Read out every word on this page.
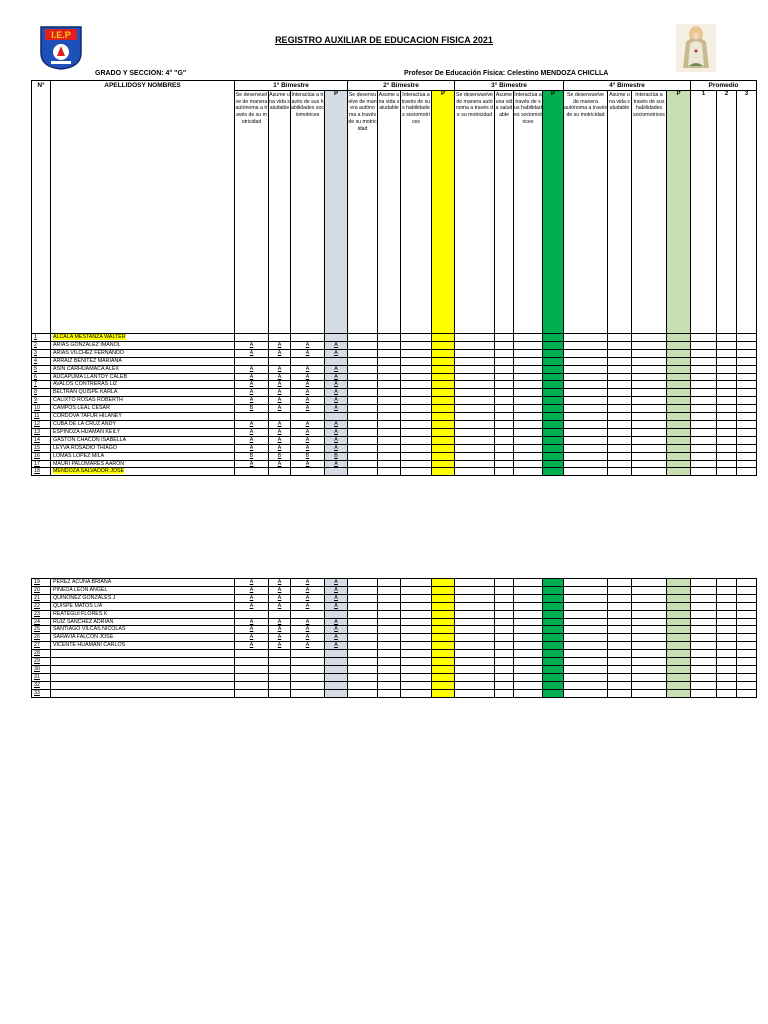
I.E.P	REGISTRO AUXILIAR DE EDUCACION FISICA 2021
GRADO Y SECCION: 4° "G"	Profesor De Educación Física: Celestino MENDOZA CHICLLA
N°	APELLIDOSY NOMBRES	1° Bimestre				2° Bimestre				3° Bimestre				4° Bimestre				Promedio		
		Se desenvuelve de manera autónoma a través de su motricidad	Asume una vida saludable	Interactúa a través de sus habilidades sociomotrices	P	Se desenvuelve de manera autónoma a través de su motricidad	Asume una vida saludable	Interactúa a través de sus habilidades sociomotrices	P	Se desenvuelve de manera autónoma a través de su motricidad	Asume una vida saludable	Interactúa a través de sus habilidades sociomotrices	P	Se desenvuelve de manera autónoma a través de su motricidad	Asume una vida saludable	Interactúa a través de sus habilidades sociomotrices	P	1	2	3
1	ALCALA MESTANZA WALTER																			
2	ARIAS GONZALEZ IMANOL	A	A	A	A															
3	ARIAS VILCHEZ FERNANDO	A	A	A	A															
4	ARRAIZ BENITEZ MARIANA																			
5	ASIN CARHUAMACA ALEX	A	A	A	A															
6	AUCAPUMA LLANTOY CALEB	A	A	A	A															
7	AVALOS CONTRERAS LIZ	A	A	A	A															
8	BELTRAN QUISPE KARLA	A	A	A	A															
9	CALIXTO ROSAS ROBERTH	A	A	A	A															
10	CAMPOS LEAL CESAR	B	A	A	A															
11	CORDOVA TAFUR HILANEY																			
12	CUBA DE LA CRUZ ANDY	A	A	A	A															
13	ESPINOZA HUAMAN KEILY	A	A	A	A															
14	GASTON CHACON ISABELLA	A	A	A	A															
15	LEYVA ROSADIO THIAGO	A	A	A	A															
16	LOMAS LOPEZ MILA	B	B	B	B															
17	MAURI PALOMARES AARON	A	A	A	A															
18	MENDOZA SALVADOR JOSE																			
19	PEREZ ACUÑA BRIANA	A	A	A	A															
20	PINEDA LEON ANGEL	A	A	A	A															
21	QUIÑONEZ GONZALES J	A	A	A	A															
22	QUISPE MATOS LIA	A	A	A	A															
23	REATEGUI FLORES K																			
24	RUIZ SANCHEZ ADRIAN	A	A	A	A															
25	SANTIAGO VILCAS NICOLAS	A	A	A	A															
26	SARAVIA FALCON JOSE	A	A	A	A															
27	VICENTE HUAMANI CARLOS	A	A	A	A															
28																				
29																				
30																				
31																				
32																				
33																				
